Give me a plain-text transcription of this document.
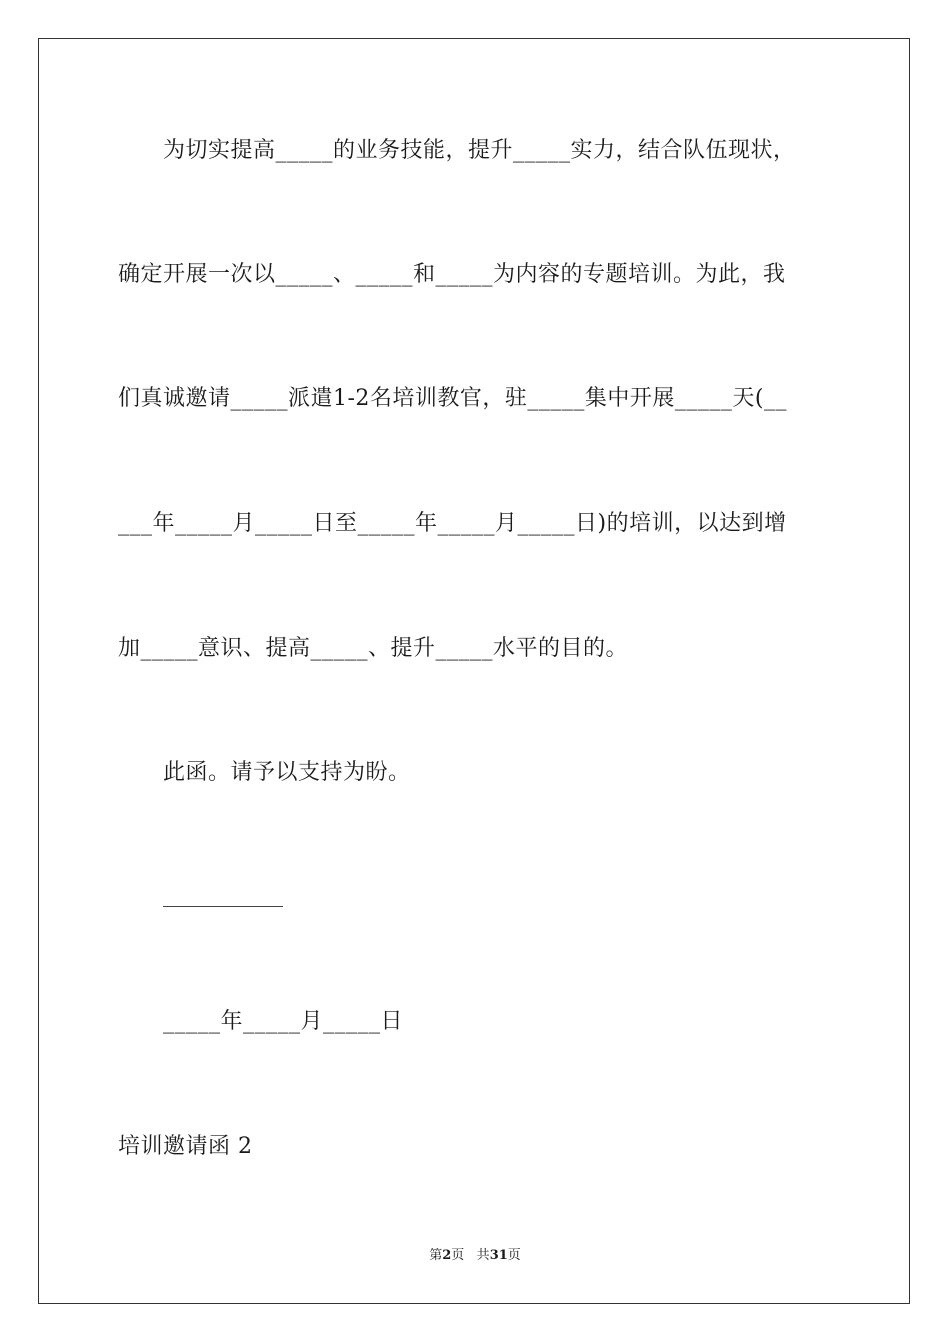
为切实提高_____的业务技能，提升_____实力，结合队伍现状，
确定开展一次以_____、_____和_____为内容的专题培训。为此，我
们真诚邀请_____派遣1-2名培训教官，驻_____集中开展_____天(__
___年_____月_____日至_____年_____月_____日)的培训，以达到增
加_____意识、提高_____、提升_____水平的目的。
此函。请予以支持为盼。
_____年_____月_____日
培训邀请函 2
第2页 共31页
